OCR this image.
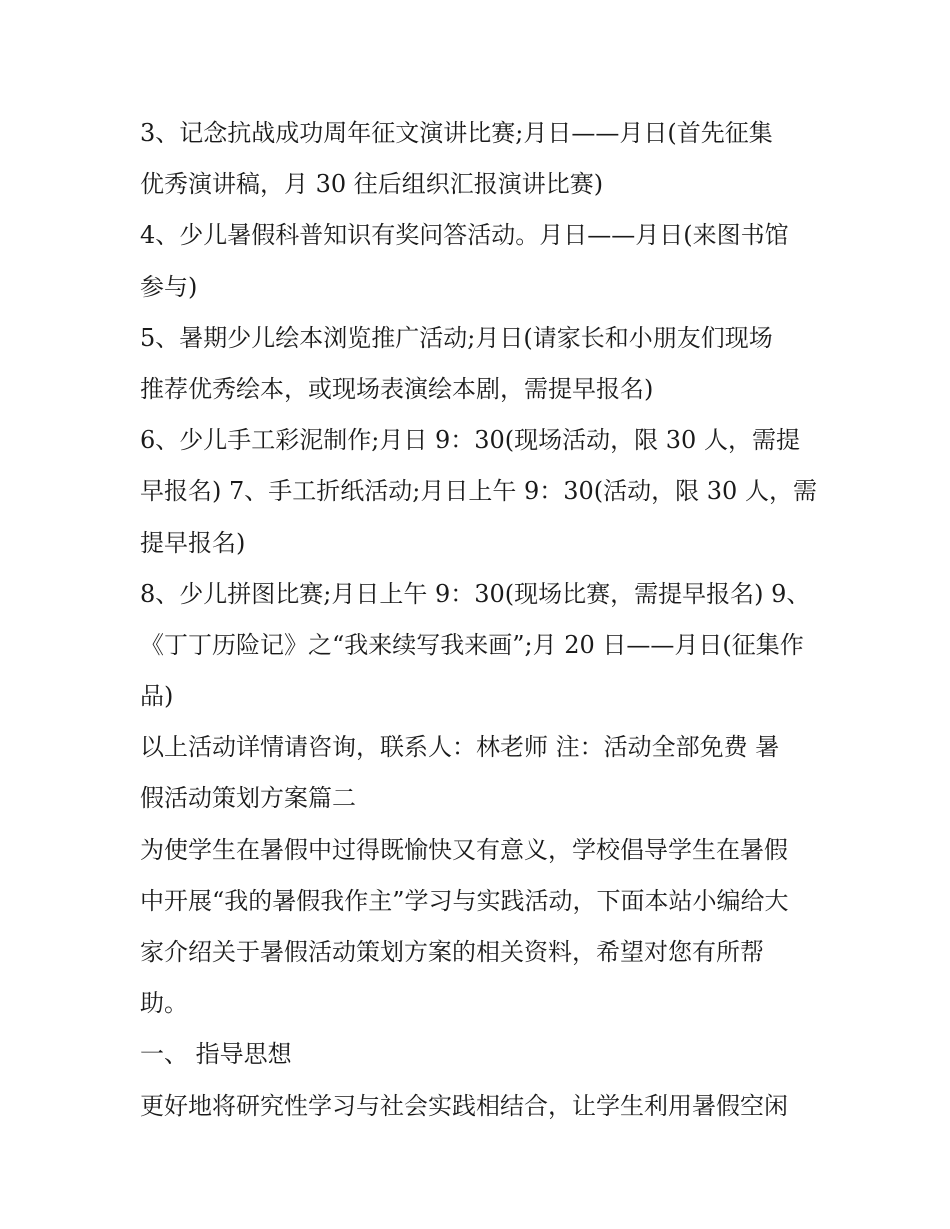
3、记念抗战成功周年征文演讲比赛;月日——月日(首先征集
优秀演讲稿，月 30 往后组织汇报演讲比赛)
4、少儿暑假科普知识有奖问答活动。月日——月日(来图书馆
参与)
5、暑期少儿绘本浏览推广活动;月日(请家长和小朋友们现场
推荐优秀绘本，或现场表演绘本剧，需提早报名)
6、少儿手工彩泥制作;月日 9：30(现场活动，限 30 人，需提
早报名) 7、手工折纸活动;月日上午 9：30(活动，限 30 人，需
提早报名)
8、少儿拼图比赛;月日上午 9：30(现场比赛，需提早报名) 9、
《丁丁历险记》之“我来续写我来画”;月 20 日——月日(征集作
品)
以上活动详情请咨询，联系人：林老师 注：活动全部免费 暑
假活动策划方案篇二
为使学生在暑假中过得既愉快又有意义，学校倡导学生在暑假
中开展“我的暑假我作主”学习与实践活动，下面本站小编给大
家介绍关于暑假活动策划方案的相关资料，希望对您有所帮
助。
一、 指导思想
更好地将研究性学习与社会实践相结合，让学生利用暑假空闲
